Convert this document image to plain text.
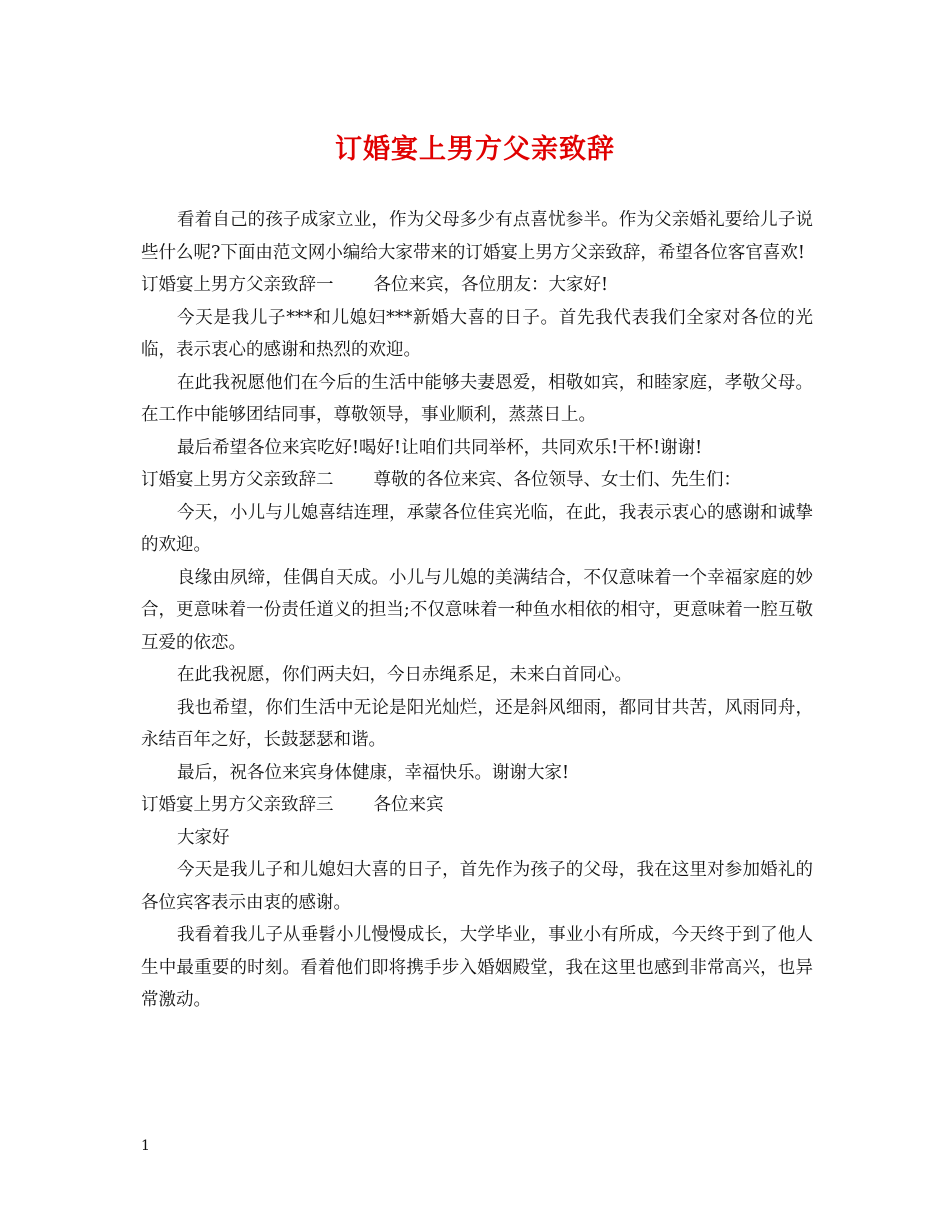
订婚宴上男方父亲致辞

看着自己的孩子成家立业，作为父母多少有点喜忧参半。作为父亲婚礼要给儿子说些什么呢?下面由范文网小编给大家带来的订婚宴上男方父亲致辞，希望各位客官喜欢!

订婚宴上男方父亲致辞一 各位来宾，各位朋友：大家好!

今天是我儿子***和儿媳妇***新婚大喜的日子。首先我代表我们全家对各位的光临，表示衷心的感谢和热烈的欢迎。

在此我祝愿他们在今后的生活中能够夫妻恩爱，相敬如宾，和睦家庭，孝敬父母。在工作中能够团结同事，尊敬领导，事业顺利，蒸蒸日上。

最后希望各位来宾吃好!喝好!让咱们共同举杯，共同欢乐!干杯!谢谢!

订婚宴上男方父亲致辞二 尊敬的各位来宾、各位领导、女士们、先生们：

今天，小儿与儿媳喜结连理，承蒙各位佳宾光临，在此，我表示衷心的感谢和诚挚的欢迎。

良缘由夙缔，佳偶自天成。小儿与儿媳的美满结合，不仅意味着一个幸福家庭的妙合，更意味着一份责任道义的担当;不仅意味着一种鱼水相依的相守，更意味着一腔互敬互爱的依恋。

在此我祝愿，你们两夫妇，今日赤绳系足，未来白首同心。

我也希望，你们生活中无论是阳光灿烂，还是斜风细雨，都同甘共苦，风雨同舟，永结百年之好，长鼓瑟瑟和谐。

最后，祝各位来宾身体健康，幸福快乐。谢谢大家!

订婚宴上男方父亲致辞三 各位来宾

大家好

今天是我儿子和儿媳妇大喜的日子，首先作为孩子的父母，我在这里对参加婚礼的各位宾客表示由衷的感谢。

我看着我儿子从垂髫小儿慢慢成长，大学毕业，事业小有所成，今天终于到了他人生中最重要的时刻。看着他们即将携手步入婚姻殿堂，我在这里也感到非常高兴，也异常激动。

1
